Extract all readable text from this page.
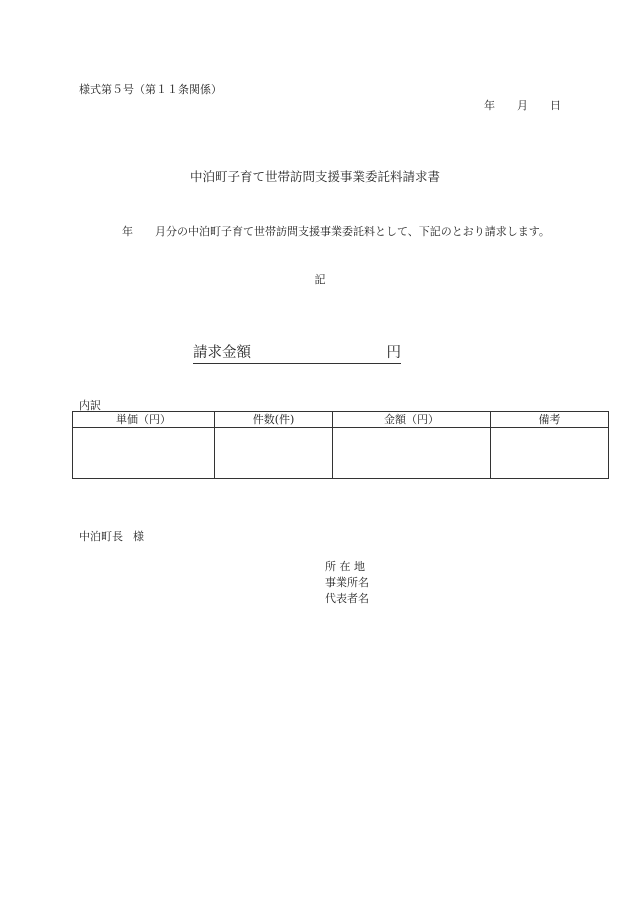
様式第５号（第１１条関係）
年 月 日
中泊町子育て世帯訪問支援事業委託料請求書
年 月分の中泊町子育て世帯訪問支援事業委託料として、下記のとおり請求します。
記
請求金額	円
内訳
単価（円）	件数(件)	金額（円）	備考

中泊町長 様
所 在 地
事業所名
代表者名
